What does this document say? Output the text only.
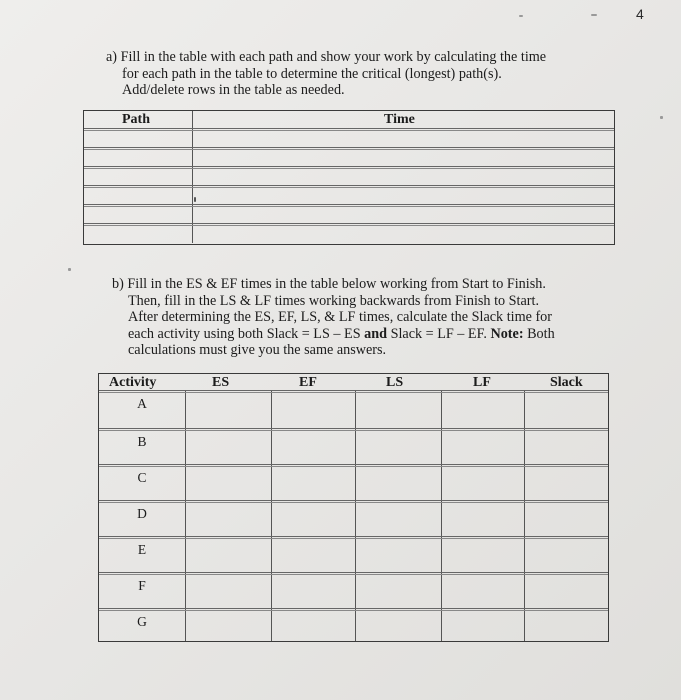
4
a) Fill in the table with each path and show your work by calculating the time
for each path in the table to determine the critical (longest) path(s).
Add/delete rows in the table as needed.
Path	Time
b) Fill in the ES & EF times in the table below working from Start to Finish.
Then, fill in the LS & LF times working backwards from Finish to Start.
After determining the ES, EF, LS, & LF times, calculate the Slack time for
each activity using both Slack = LS – ES and Slack = LF – EF. Note: Both
calculations must give you the same answers.
Activity	ES	EF	LS	LF	Slack
A
B
C
D
E
F
G
